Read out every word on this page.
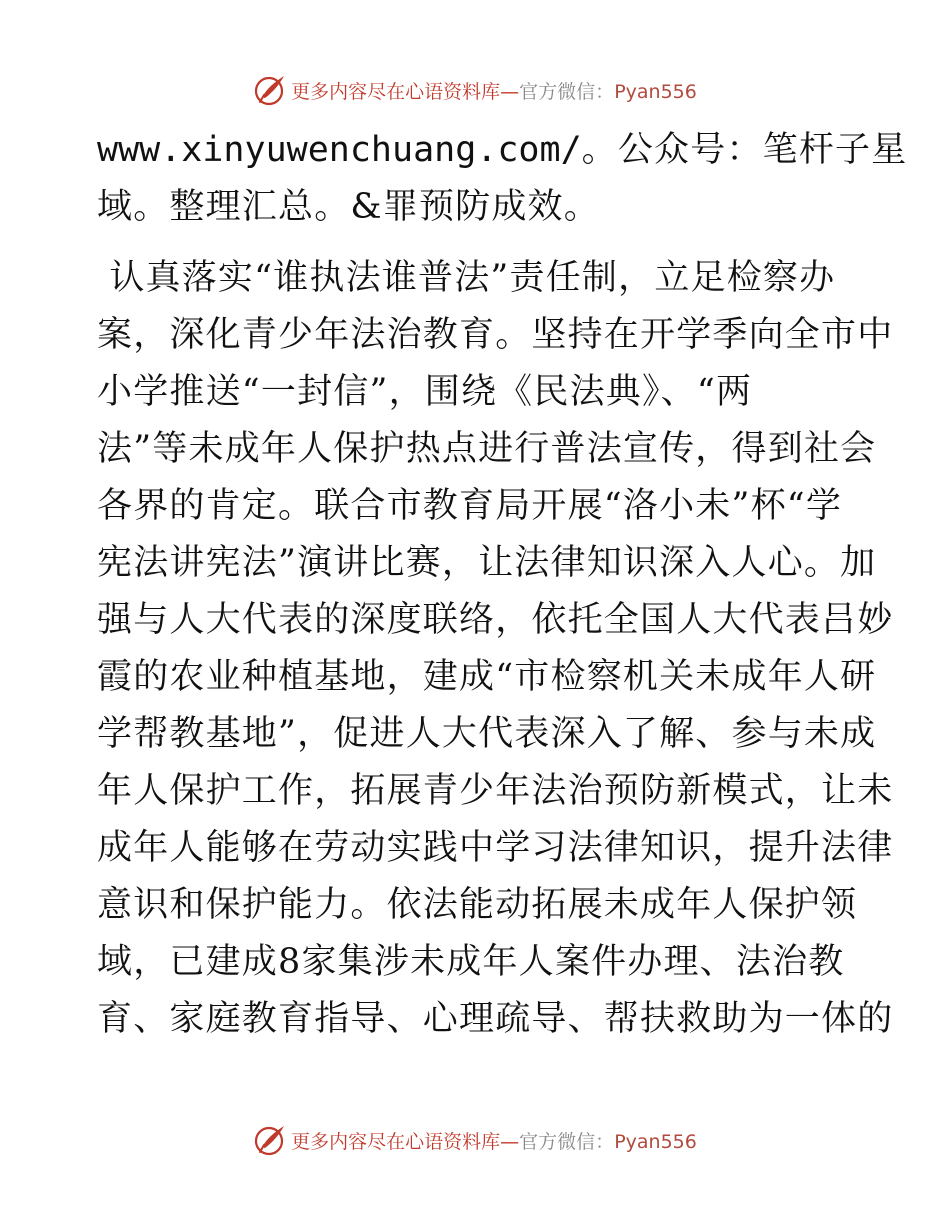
更多内容尽在心语资料库—官方微信：Pyan556
www.xinyuwenchuang.com/。公众号：笔杆子星
域。整理汇总。&罪预防成效。
认真落实“谁执法谁普法”责任制，立足检察办
案，深化青少年法治教育。坚持在开学季向全市中
小学推送“一封信”，围绕《民法典》、“两
法”等未成年人保护热点进行普法宣传，得到社会
各界的肯定。联合市教育局开展“洛小未”杯“学
宪法讲宪法”演讲比赛，让法律知识深入人心。加
强与人大代表的深度联络，依托全国人大代表吕妙
霞的农业种植基地，建成“市检察机关未成年人研
学帮教基地”，促进人大代表深入了解、参与未成
年人保护工作，拓展青少年法治预防新模式，让未
成年人能够在劳动实践中学习法律知识，提升法律
意识和保护能力。依法能动拓展未成年人保护领
域，已建成8家集涉未成年人案件办理、法治教
育、家庭教育指导、心理疏导、帮扶救助为一体的
更多内容尽在心语资料库—官方微信：Pyan556
